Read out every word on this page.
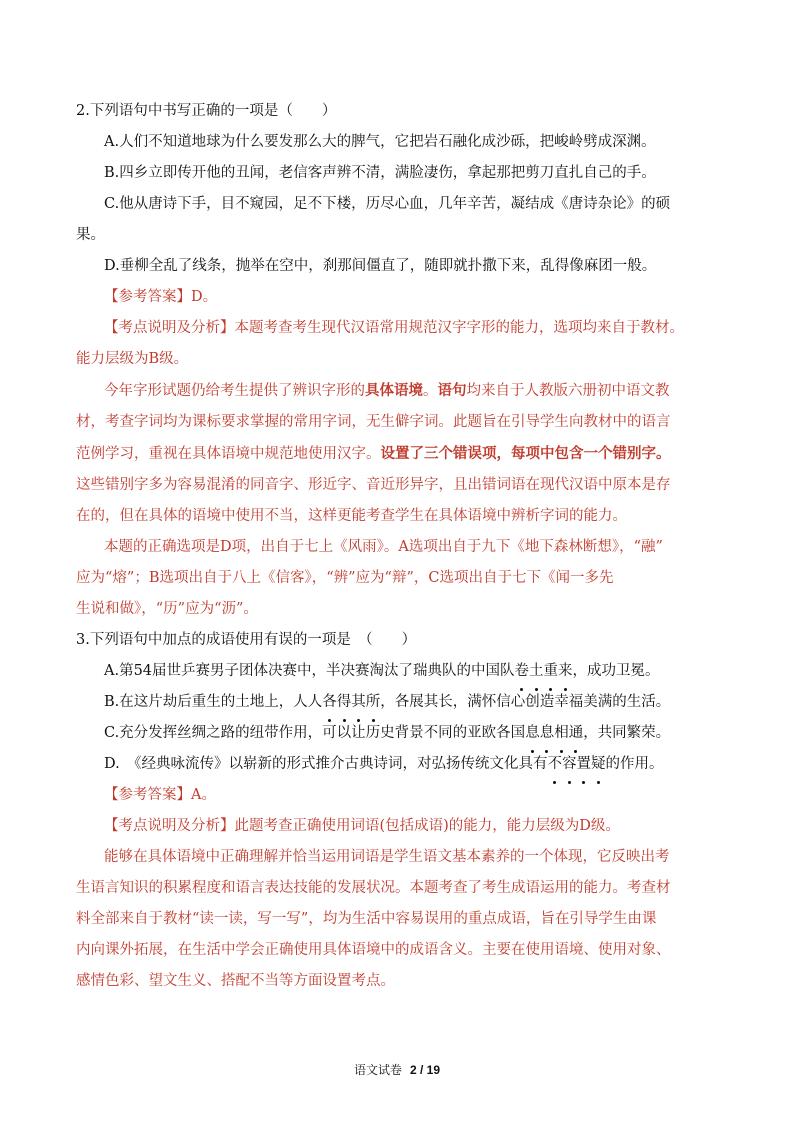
2.下列语句中书写正确的一项是（　　）
A.人们不知道地球为什么要发那么大的脾气，它把岩石融化成沙砾，把峻岭劈成深渊。
B.四乡立即传开他的丑闻，老信客声辨不清，满脸凄伤，拿起那把剪刀直扎自己的手。
C.他从唐诗下手，目不窥园，足不下楼，历尽心血，几年辛苦，凝结成《唐诗杂论》的硕
果。
D.垂柳全乱了线条，抛举在空中，刹那间僵直了，随即就扑撒下来，乱得像麻团一般。
【参考答案】D。
【考点说明及分析】本题考查考生现代汉语常用规范汉字字形的能力，选项均来自于教材。
能力层级为B级。
今年字形试题仍给考生提供了辨识字形的具体语境。语句均来自于人教版六册初中语文教
材，考查字词均为课标要求掌握的常用字词，无生僻字词。此题旨在引导学生向教材中的语言
范例学习，重视在具体语境中规范地使用汉字。设置了三个错误项，每项中包含一个错别字。
这些错别字多为容易混淆的同音字、形近字、音近形异字，且出错词语在现代汉语中原本是存
在的，但在具体的语境中使用不当，这样更能考查学生在具体语境中辨析字词的能力。
本题的正确选项是D项，出自于七上《风雨》。A选项出自于九下《地下森林断想》，“融”
应为“熔”；B选项出自于八上《信客》，“辨”应为“辩”，C选项出自于七下《闻一多先
生说和做》，“历”应为“沥”。
3.下列语句中加点的成语使用有误的一项是　（　　）
A.第54届世乒赛男子团体决赛中，半决赛淘汰了瑞典队的中国队卷土重来，成功卫冕。
B.在这片劫后重生的土地上，人人各得其所，各展其长，满怀信心创造幸福美满的生活。
C.充分发挥丝绸之路的纽带作用，可以让历史背景不同的亚欧各国息息相通，共同繁荣。
D.　《经典咏流传》以崭新的形式推介古典诗词，对弘扬传统文化具有不容置疑的作用。
【参考答案】A。
【考点说明及分析】此题考查正确使用词语(包括成语)的能力，能力层级为D级。
能够在具体语境中正确理解并恰当运用词语是学生语文基本素养的一个体现，它反映出考
生语言知识的积累程度和语言表达技能的发展状况。本题考查了考生成语运用的能力。考查材
料全部来自于教材“读一读，写一写”，均为生活中容易误用的重点成语，旨在引导学生由课
内向课外拓展，在生活中学会正确使用具体语境中的成语含义。主要在使用语境、使用对象、
感情色彩、望文生义、搭配不当等方面设置考点。
语文试卷 2 / 19
